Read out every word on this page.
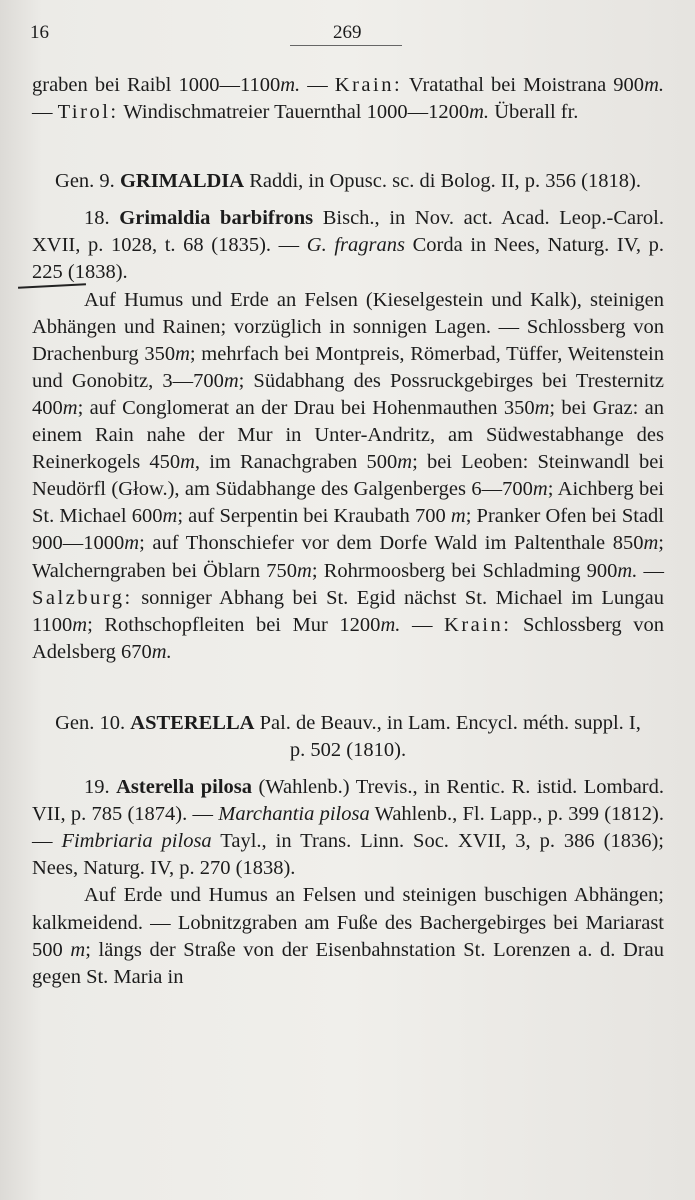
16	269

graben bei Raibl 1000—1100m. — Krain: Vratathal bei Moistrana 900m. — Tirol: Windischmatreier Tauernthal 1000—1200m. Überall fr.

Gen. 9. GRIMALDIA Raddi, in Opusc. sc. di Bolog. II, p. 356 (1818).

18. Grimaldia barbifrons Bisch., in Nov. act. Acad. Leop.-Carol. XVII, p. 1028, t. 68 (1835). — G. fragrans Corda in Nees, Naturg. IV, p. 225 (1838).

Auf Humus und Erde an Felsen (Kieselgestein und Kalk), steinigen Abhängen und Rainen; vorzüglich in sonnigen Lagen. — Schlossberg von Drachenburg 350m; mehrfach bei Montpreis, Römerbad, Tüffer, Weitenstein und Gonobitz, 3—700m; Südabhang des Possruckgebirges bei Tresternitz 400m; auf Conglomerat an der Drau bei Hohenmauthen 350m; bei Graz: an einem Rain nahe der Mur in Unter-Andritz, am Südwestabhange des Reinerkogels 450m, im Ranachgraben 500m; bei Leoben: Steinwandl bei Neudörfl (Głow.), am Südabhange des Galgenberges 6—700m; Aichberg bei St. Michael 600m; auf Serpentin bei Kraubath 700 m; Pranker Ofen bei Stadl 900—1000m; auf Thonschiefer vor dem Dorfe Wald im Paltenthale 850m; Walcherngraben bei Öblarn 750m; Rohrmoosberg bei Schladming 900m. — Salzburg: sonniger Abhang bei St. Egid nächst St. Michael im Lungau 1100m; Rothschopfleiten bei Mur 1200m. — Krain: Schlossberg von Adelsberg 670m.

Gen. 10. ASTERELLA Pal. de Beauv., in Lam. Encycl. méth. suppl. I, p. 502 (1810).

19. Asterella pilosa (Wahlenb.) Trevis., in Rentic. R. istid. Lombard. VII, p. 785 (1874). — Marchantia pilosa Wahlenb., Fl. Lapp., p. 399 (1812). — Fimbriaria pilosa Tayl., in Trans. Linn. Soc. XVII, 3, p. 386 (1836); Nees, Naturg. IV, p. 270 (1838).

Auf Erde und Humus an Felsen und steinigen buschigen Abhängen; kalkmeidend. — Lobnitzgraben am Fuße des Bachergebirges bei Mariarast 500 m; längs der Straße von der Eisenbahnstation St. Lorenzen a. d. Drau gegen St. Maria in
